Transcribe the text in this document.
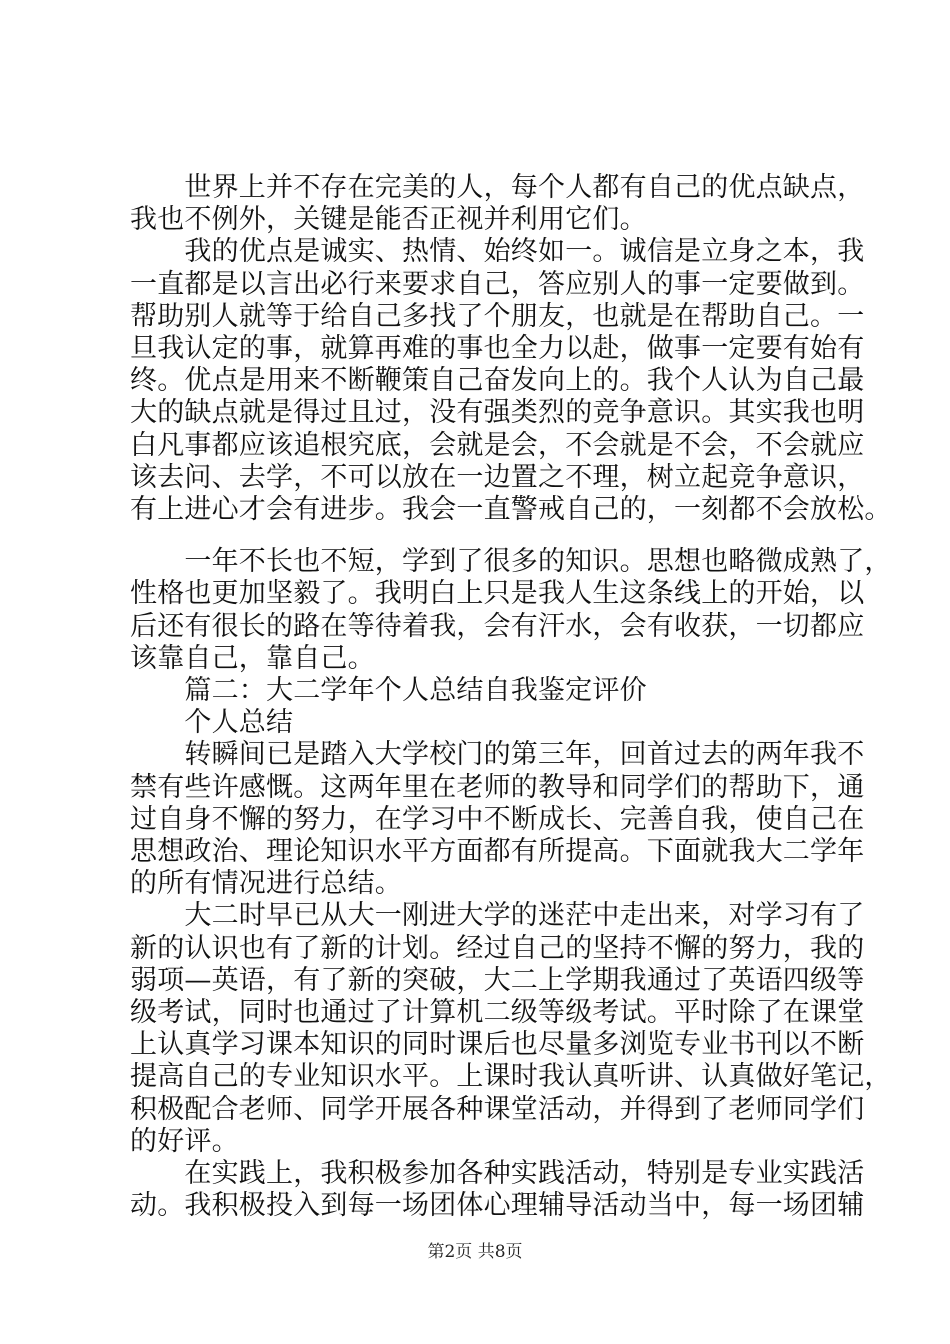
　　世界上并不存在完美的人，每个人都有自己的优点缺点，
我也不例外，关键是能否正视并利用它们。
　　我的优点是诚实、热情、始终如一。诚信是立身之本，我
一直都是以言出必行来要求自己，答应别人的事一定要做到。
帮助别人就等于给自己多找了个朋友，也就是在帮助自己。一
旦我认定的事，就算再难的事也全力以赴，做事一定要有始有
终。优点是用来不断鞭策自己奋发向上的。我个人认为自己最
大的缺点就是得过且过，没有强类烈的竞争意识。其实我也明
白凡事都应该追根究底，会就是会，不会就是不会，不会就应
该去问、去学，不可以放在一边置之不理，树立起竞争意识，
有上进心才会有进步。我会一直警戒自己的，一刻都不会放松。
　　一年不长也不短，学到了很多的知识。思想也略微成熟了，
性格也更加坚毅了。我明白上只是我人生这条线上的开始，以
后还有很长的路在等待着我，会有汗水，会有收获，一切都应
该靠自己，靠自己。
　　篇二：大二学年个人总结自我鉴定评价
　　个人总结
　　转瞬间已是踏入大学校门的第三年，回首过去的两年我不
禁有些许感慨。这两年里在老师的教导和同学们的帮助下，通
过自身不懈的努力，在学习中不断成长、完善自我，使自己在
思想政治、理论知识水平方面都有所提高。下面就我大二学年
的所有情况进行总结。
　　大二时早已从大一刚进大学的迷茫中走出来，对学习有了
新的认识也有了新的计划。经过自己的坚持不懈的努力，我的
弱项—英语，有了新的突破，大二上学期我通过了英语四级等
级考试，同时也通过了计算机二级等级考试。平时除了在课堂
上认真学习课本知识的同时课后也尽量多浏览专业书刊以不断
提高自己的专业知识水平。上课时我认真听讲、认真做好笔记，
积极配合老师、同学开展各种课堂活动，并得到了老师同学们
的好评。
第2页 共8页
　　在实践上，我积极参加各种实践活动，特别是专业实践活
动。我积极投入到每一场团体心理辅导活动当中，每一场团辅
